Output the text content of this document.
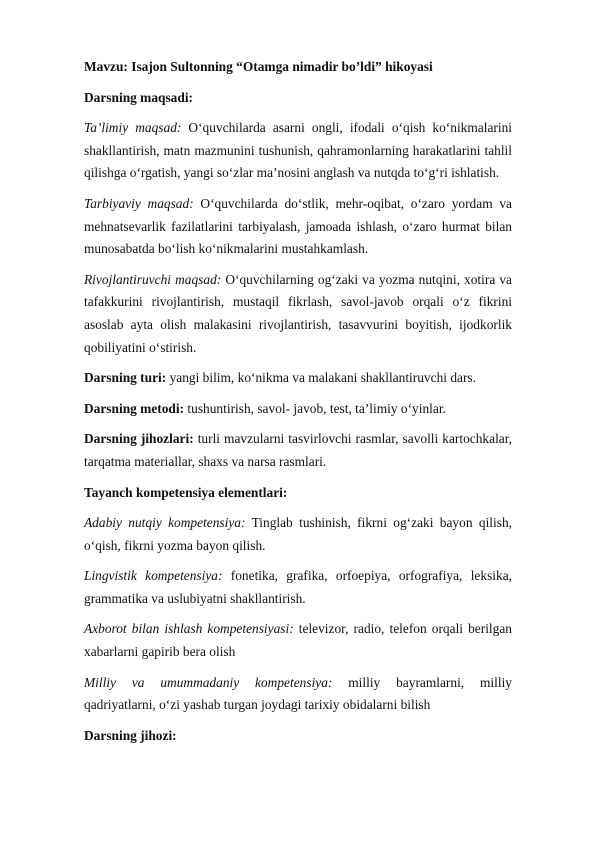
Mavzu: Isajon Sultonning “Otamga nimadir bo’ldi” hikoyasi

Darsning maqsadi:

Ta’limiy maqsad: O‘quvchilarda asarni ongli, ifodali o‘qish ko‘nikmalarini shakllantirish, matn mazmunini tushunish, qahramonlarning harakatlarini tahlil qilishga o‘rgatish, yangi so‘zlar ma’nosini anglash va nutqda to‘g‘ri ishlatish.

Tarbiyaviy maqsad: O‘quvchilarda do‘stlik, mehr-oqibat, o‘zaro yordam va mehnatsevarlik fazilatlarini tarbiyalash, jamoada ishlash, o‘zaro hurmat bilan munosabatda bo‘lish ko‘nikmalarini mustahkamlash.

Rivojlantiruvchi maqsad: O‘quvchilarning og‘zaki va yozma nutqini, xotira va tafakkurini rivojlantirish, mustaqil fikrlash, savol-javob orqali o‘z fikrini asoslab ayta olish malakasini rivojlantirish, tasavvurini boyitish, ijodkorlik qobiliyatini o‘stirish.

Darsning turi: yangi bilim, ko‘nikma va malakani shakllantiruvchi dars.

Darsning metodi: tushuntirish, savol- javob, test, ta’limiy o‘yinlar.

Darsning jihozlari: turli mavzularni tasvirlovchi rasmlar, savolli kartochkalar, tarqatma materiallar, shaxs va narsa rasmlari.

Tayanch kompetensiya elementlari:

Adabiy nutqiy kompetensiya: Tinglab tushinish, fikrni og‘zaki bayon qilish, o‘qish, fikrni yozma bayon qilish.

Lingvistik kompetensiya: fonetika, grafika, orfoepiya, orfografiya, leksika, grammatika va uslubiyatni shakllantirish.

Axborot bilan ishlash kompetensiyasi: televizor, radio, telefon orqali berilgan xabarlarni gapirib bera olish

Milliy va umummadaniy kompetensiya: milliy bayramlarni, milliy qadriyatlarni, o‘zi yashab turgan joydagi tarixiy obidalarni bilish

Darsning jihozi:
